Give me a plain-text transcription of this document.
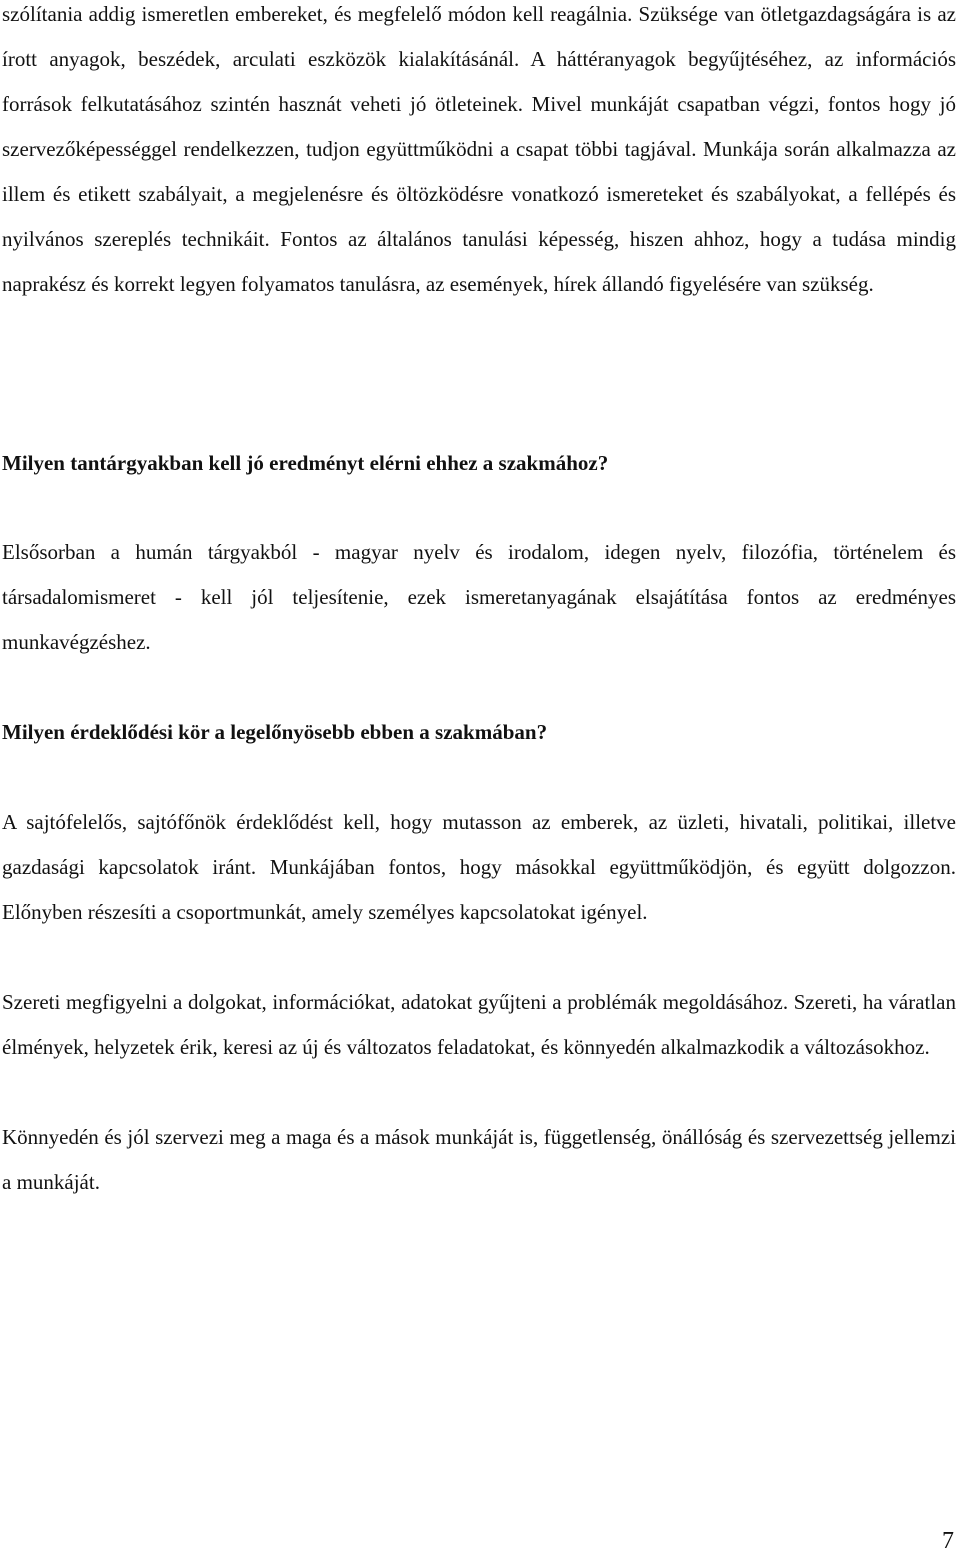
szólítania addig ismeretlen embereket, és megfelelő módon kell reagálnia. Szüksége van ötletgazdagságára is az írott anyagok, beszédek, arculati eszközök kialakításánál. A háttéranyagok begyűjtéséhez, az információs források felkutatásához szintén hasznát veheti jó ötleteinek. Mivel munkáját csapatban végzi, fontos hogy jó szervezőképességgel rendelkezzen, tudjon együttműködni a csapat többi tagjával. Munkája során alkalmazza az illem és etikett szabályait, a megjelenésre és öltözködésre vonatkozó ismereteket és szabályokat, a fellépés és nyilvános szereplés technikáit. Fontos az általános tanulási képesség, hiszen ahhoz, hogy a tudása mindig naprakész és korrekt legyen folyamatos tanulásra, az események, hírek állandó figyelésére van szükség.

Milyen tantárgyakban kell jó eredményt elérni ehhez a szakmához?

Elsősorban a humán tárgyakból - magyar nyelv és irodalom, idegen nyelv, filozófia, történelem és társadalomismeret - kell jól teljesítenie, ezek ismeretanyagának elsajátítása fontos az eredményes munkavégzéshez.

Milyen érdeklődési kör a legelőnyösebb ebben a szakmában?

A sajtófelelős, sajtófőnök érdeklődést kell, hogy mutasson az emberek, az üzleti, hivatali, politikai, illetve gazdasági kapcsolatok iránt. Munkájában fontos, hogy másokkal együttműködjön, és együtt dolgozzon. Előnyben részesíti a csoportmunkát, amely személyes kapcsolatokat igényel.

Szereti megfigyelni a dolgokat, információkat, adatokat gyűjteni a problémák megoldásához. Szereti, ha váratlan élmények, helyzetek érik, keresi az új és változatos feladatokat, és könnyedén alkalmazkodik a változásokhoz.

Könnyedén és jól szervezi meg a maga és a mások munkáját is, függetlenség, önállóság és szervezettség jellemzi a munkáját.

7
